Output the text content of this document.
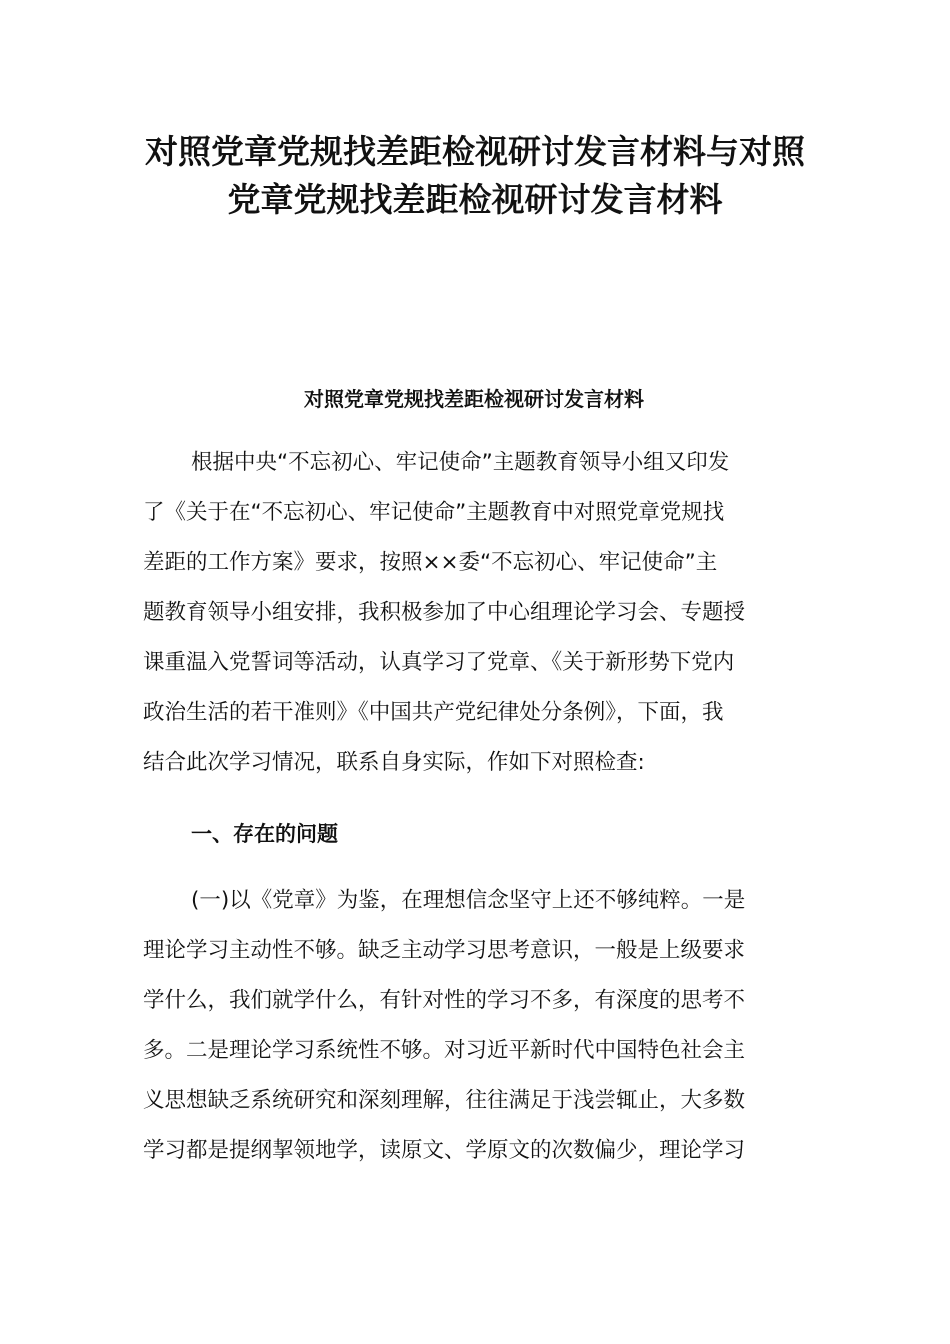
对照党章党规找差距检视研讨发言材料与对照
党章党规找差距检视研讨发言材料
对照党章党规找差距检视研讨发言材料
根据中央“不忘初心、牢记使命”主题教育领导小组又印发
了《关于在“不忘初心、牢记使命”主题教育中对照党章党规找
差距的工作方案》要求，按照××委“不忘初心、牢记使命”主
题教育领导小组安排，我积极参加了中心组理论学习会、专题授
课重温入党誓词等活动，认真学习了党章、《关于新形势下党内
政治生活的若干准则》《中国共产党纪律处分条例》，下面，我
结合此次学习情况，联系自身实际，作如下对照检查:
一、存在的问题
(一)以《党章》为鉴，在理想信念坚守上还不够纯粹。一是
理论学习主动性不够。缺乏主动学习思考意识，一般是上级要求
学什么，我们就学什么，有针对性的学习不多，有深度的思考不
多。二是理论学习系统性不够。对习近平新时代中国特色社会主
义思想缺乏系统研究和深刻理解，往往满足于浅尝辄止，大多数
学习都是提纲挈领地学，读原文、学原文的次数偏少，理论学习
